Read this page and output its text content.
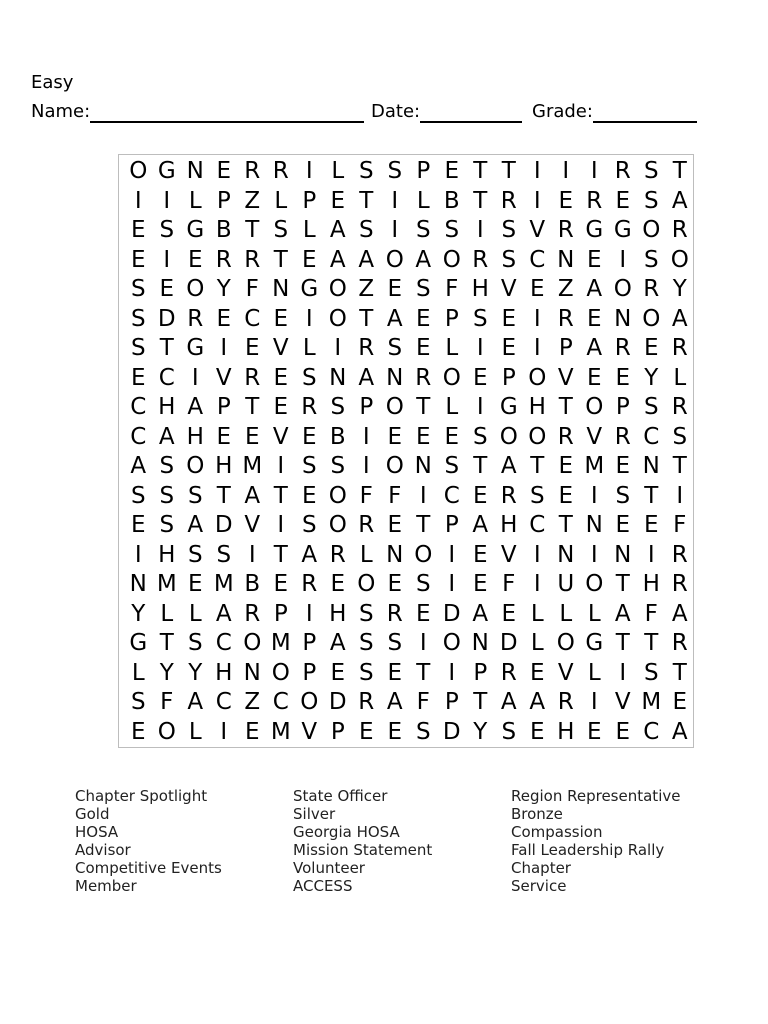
Easy
Name:	Date:	Grade:
O G N E R R I L S S P E T T I I I R S T
I I L P Z L P E T I L B T R I E R E S A
E S G B T S L A S I S S I S V R G G O R
E I E R R T E A A O A O R S C N E I S O
S E O Y F N G O Z E S F H V E Z A O R Y
S D R E C E I O T A E P S E I R E N O A
S T G I E V L I R S E L I E I P A R E R
E C I V R E S N A N R O E P O V E E Y L
C H A P T E R S P O T L I G H T O P S R
C A H E E V E B I E E E S O O R V R C S
A S O H M I S S I O N S T A T E M E N T
S S S T A T E O F F I C E R S E I S T I
E S A D V I S O R E T P A H C T N E E F
I H S S I T A R L N O I E V I N I N I R
N M E M B E R E O E S I E F I U O T H R
Y L L A R P I H S R E D A E L L L A F A
G T S C O M P A S S I O N D L O G T T R
L Y Y H N O P E S E T I P R E V L I S T
S F A C Z C O D R A F P T A A R I V M E
E O L I E M V P E E S D Y S E H E E C A
Chapter Spotlight
Gold
HOSA
Advisor
Competitive Events
Member
State Officer
Silver
Georgia HOSA
Mission Statement
Volunteer
ACCESS
Region Representative
Bronze
Compassion
Fall Leadership Rally
Chapter
Service
